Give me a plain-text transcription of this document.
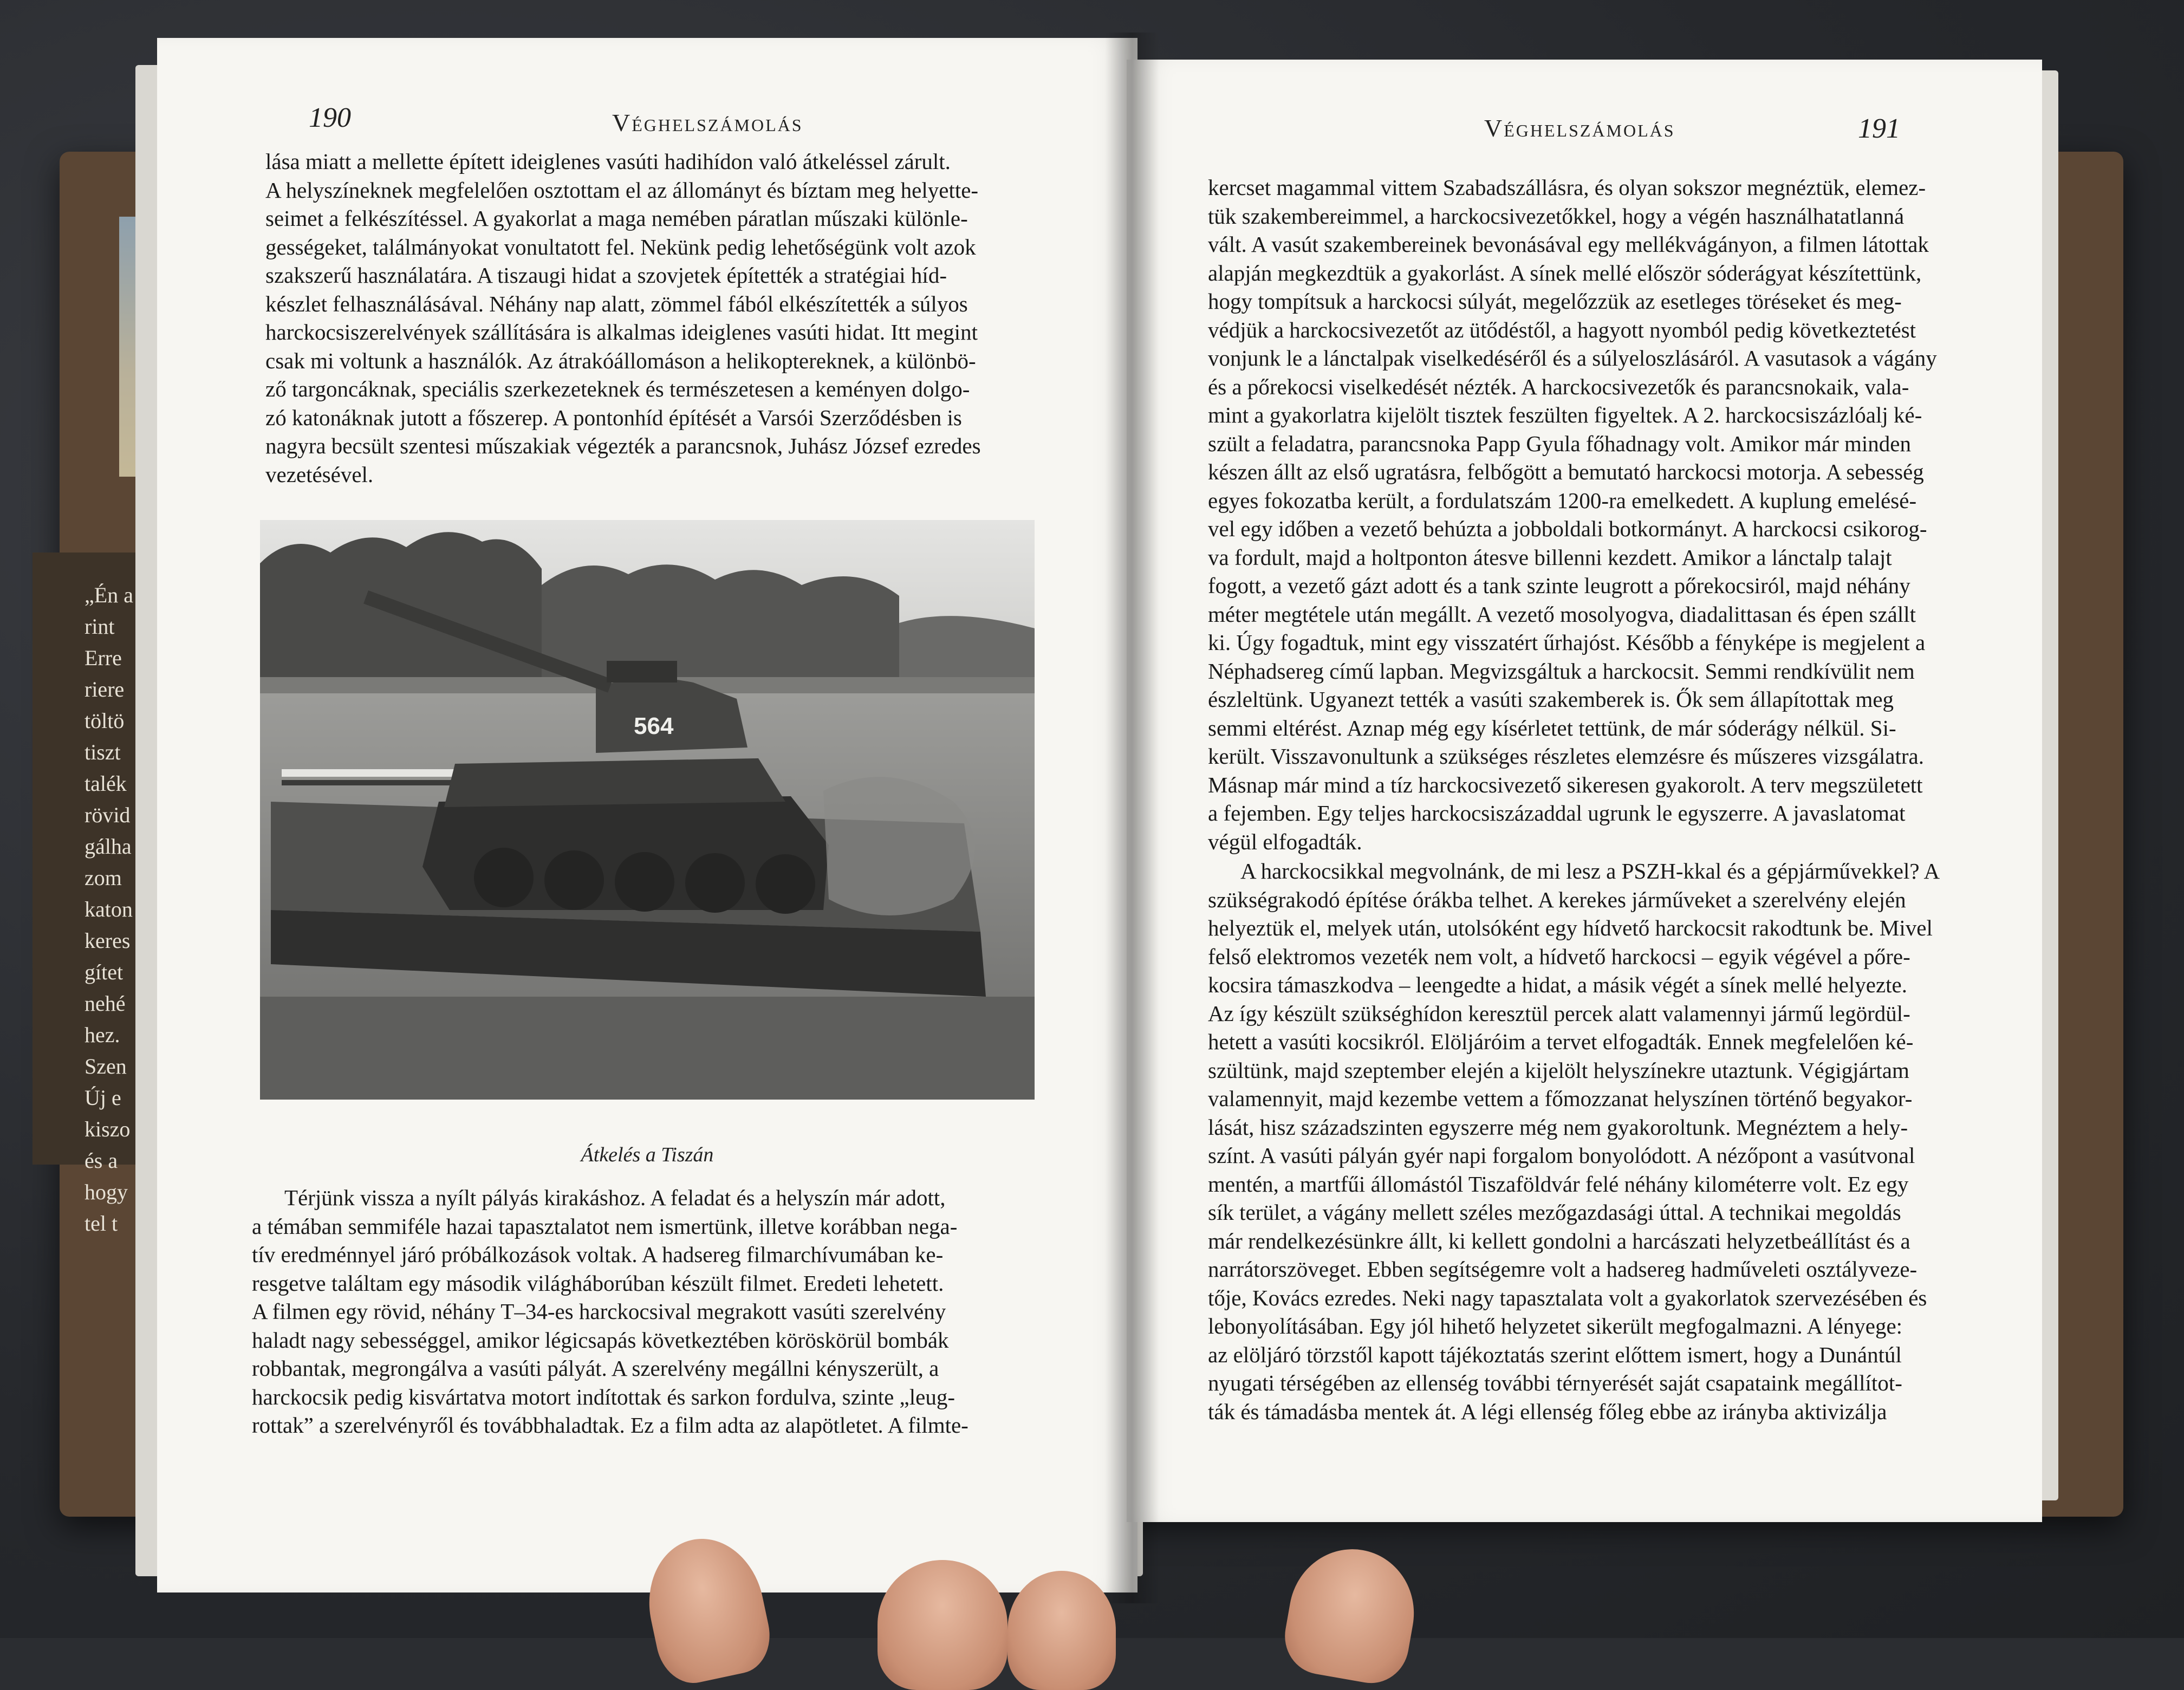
„Én a
rint
Erre
riere
töltö
tiszt
talék
rövid
gálha
zom
katon
keres
gítet
nehé
hez.
Szen
Új e
kiszo
és a
hogy
tel t
190	Véghelszámolás
lása miatt a mellette épített ideiglenes vasúti hadihídon való átkeléssel zárult.
A helyszíneknek megfelelően osztottam el az állományt és bíztam meg helyette-
seimet a felkészítéssel. A gyakorlat a maga nemében páratlan műszaki különle-
gességeket, találmányokat vonultatott fel. Nekünk pedig lehetőségünk volt azok
szakszerű használatára. A tiszaugi hidat a szovjetek építették a stratégiai híd-
készlet felhasználásával. Néhány nap alatt, zömmel fából elkészítették a súlyos
harckocsiszerelvények szállítására is alkalmas ideiglenes vasúti hidat. Itt megint
csak mi voltunk a használók. Az átrakóállomáson a helikoptereknek, a különbö-
ző targoncáknak, speciális szerkezeteknek és természetesen a keményen dolgo-
zó katonáknak jutott a főszerep. A pontonhíd építését a Varsói Szerződésben is
nagyra becsült szentesi műszakiak végezték a parancsnok, Juhász József ezredes
vezetésével.
564
Átkelés a Tiszán
Térjünk vissza a nyílt pályás kirakáshoz. A feladat és a helyszín már adott,
a témában semmiféle hazai tapasztalatot nem ismertünk, illetve korábban nega-
tív eredménnyel járó próbálkozások voltak. A hadsereg filmarchívumában ke-
resgetve találtam egy második világháborúban készült filmet. Eredeti lehetett.
A filmen egy rövid, néhány T–34-es harckocsival megrakott vasúti szerelvény
haladt nagy sebességgel, amikor légicsapás következtében köröskörül bombák
robbantak, megrongálva a vasúti pályát. A szerelvény megállni kényszerült, a
harckocsik pedig kisvártatva motort indítottak és sarkon fordulva, szinte „leug-
rottak” a szerelvényről és továbbhaladtak. Ez a film adta az alapötletet. A filmte-
Véghelszámolás	191
kercset magammal vittem Szabadszállásra, és olyan sokszor megnéztük, elemez-
tük szakembereimmel, a harckocsivezetőkkel, hogy a végén használhatatlanná
vált. A vasút szakembereinek bevonásával egy mellékvágányon, a filmen látottak
alapján megkezdtük a gyakorlást. A sínek mellé először sóderágyat készítettünk,
hogy tompítsuk a harckocsi súlyát, megelőzzük az esetleges töréseket és meg-
védjük a harckocsivezetőt az ütődéstől, a hagyott nyomból pedig következtetést
vonjunk le a lánctalpak viselkedéséről és a súlyeloszlásáról. A vasutasok a vágány
és a pőrekocsi viselkedését nézték. A harckocsivezetők és parancsnokaik, vala-
mint a gyakorlatra kijelölt tisztek feszülten figyeltek. A 2. harckocsiszázlóalj ké-
szült a feladatra, parancsnoka Papp Gyula főhadnagy volt. Amikor már minden
készen állt az első ugratásra, felbőgött a bemutató harckocsi motorja. A sebesség
egyes fokozatba került, a fordulatszám 1200-ra emelkedett. A kuplung emelésé-
vel egy időben a vezető behúzta a jobboldali botkormányt. A harckocsi csikorog-
va fordult, majd a holtponton átesve billenni kezdett. Amikor a lánctalp talajt
fogott, a vezető gázt adott és a tank szinte leugrott a pőrekocsiról, majd néhány
méter megtétele után megállt. A vezető mosolyogva, diadalittasan és épen szállt
ki. Úgy fogadtuk, mint egy visszatért űrhajóst. Később a fényképe is megjelent a
Néphadsereg című lapban. Megvizsgáltuk a harckocsit. Semmi rendkívülit nem
észleltünk. Ugyanezt tették a vasúti szakemberek is. Ők sem állapítottak meg
semmi eltérést. Aznap még egy kísérletet tettünk, de már sóderágy nélkül. Si-
került. Visszavonultunk a szükséges részletes elemzésre és műszeres vizsgálatra.
Másnap már mind a tíz harckocsivezető sikeresen gyakorolt. A terv megszületett
a fejemben. Egy teljes harckocsiszázaddal ugrunk le egyszerre. A javaslatomat
végül elfogadták.
A harckocsikkal megvolnánk, de mi lesz a PSZH-kkal és a gépjárművekkel? A
szükségrakodó építése órákba telhet. A kerekes járműveket a szerelvény elején
helyeztük el, melyek után, utolsóként egy hídvető harckocsit rakodtunk be. Mivel
felső elektromos vezeték nem volt, a hídvető harckocsi – egyik végével a pőre-
kocsira támaszkodva – leengedte a hidat, a másik végét a sínek mellé helyezte.
Az így készült szükséghídon keresztül percek alatt valamennyi jármű legördül-
hetett a vasúti kocsikról. Elöljáróim a tervet elfogadták. Ennek megfelelően ké-
szültünk, majd szeptember elején a kijelölt helyszínekre utaztunk. Végigjártam
valamennyit, majd kezembe vettem a főmozzanat helyszínen történő begyakor-
lását, hisz századszinten egyszerre még nem gyakoroltunk. Megnéztem a hely-
színt. A vasúti pályán gyér napi forgalom bonyolódott. A nézőpont a vasútvonal
mentén, a martfűi állomástól Tiszaföldvár felé néhány kilométerre volt. Ez egy
sík terület, a vágány mellett széles mezőgazdasági úttal. A technikai megoldás
már rendelkezésünkre állt, ki kellett gondolni a harcászati helyzetbeállítást és a
narrátorszöveget. Ebben segítségemre volt a hadsereg hadműveleti osztályveze-
tője, Kovács ezredes. Neki nagy tapasztalata volt a gyakorlatok szervezésében és
lebonyolításában. Egy jól hihető helyzetet sikerült megfogalmazni. A lényege:
az elöljáró törzstől kapott tájékoztatás szerint előttem ismert, hogy a Dunántúl
nyugati térségében az ellenség további térnyerését saját csapataink megállítot-
ták és támadásba mentek át. A légi ellenség főleg ebbe az irányba aktivizálja
